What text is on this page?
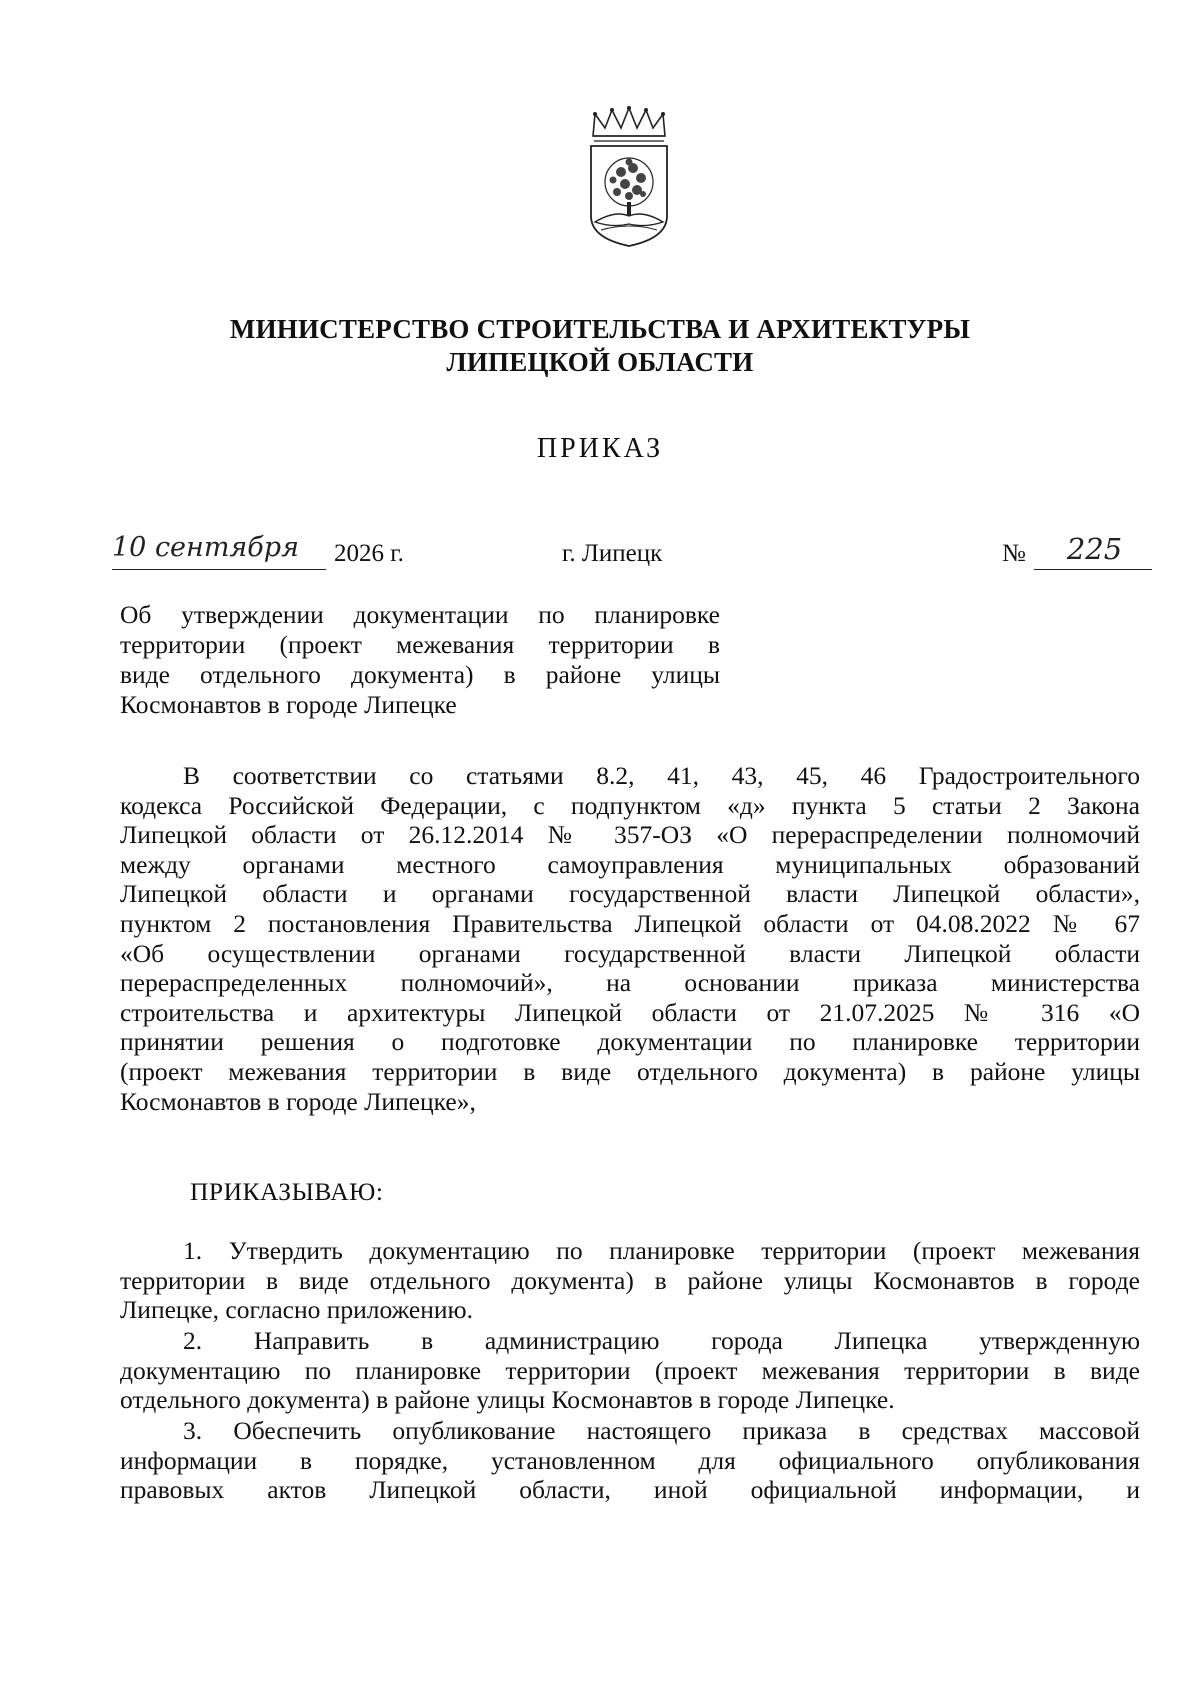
МИНИСТЕРСТВО СТРОИТЕЛЬСТВА И АРХИТЕКТУРЫ
ЛИПЕЦКОЙ ОБЛАСТИ
ПРИКАЗ
10 сентября	2026 г.	г. Липецк	№	225
Об утверждении документации по планировке
территории (проект межевания территории в
виде отдельного документа) в районе улицы
Космонавтов в городе Липецке
В соответствии со статьями 8.2, 41, 43, 45, 46 Градостроительного
кодекса Российской Федерации, с подпунктом «д» пункта 5 статьи 2 Закона
Липецкой области от 26.12.2014 № 357-ОЗ «О перераспределении полномочий
между органами местного самоуправления муниципальных образований
Липецкой области и органами государственной власти Липецкой области»,
пунктом 2 постановления Правительства Липецкой области от 04.08.2022 № 67
«Об осуществлении органами государственной власти Липецкой области
перераспределенных полномочий», на основании приказа министерства
строительства и архитектуры Липецкой области от 21.07.2025 № 316 «О
принятии решения о подготовке документации по планировке территории
(проект межевания территории в виде отдельного документа) в районе улицы
Космонавтов в городе Липецке»,
ПРИКАЗЫВАЮ:
1. Утвердить документацию по планировке территории (проект межевания
территории в виде отдельного документа) в районе улицы Космонавтов в городе
Липецке, согласно приложению.
2. Направить в администрацию города Липецка утвержденную
документацию по планировке территории (проект межевания территории в виде
отдельного документа) в районе улицы Космонавтов в городе Липецке.
3. Обеспечить опубликование настоящего приказа в средствах массовой
информации в порядке, установленном для официального опубликования
правовых актов Липецкой области, иной официальной информации, и
